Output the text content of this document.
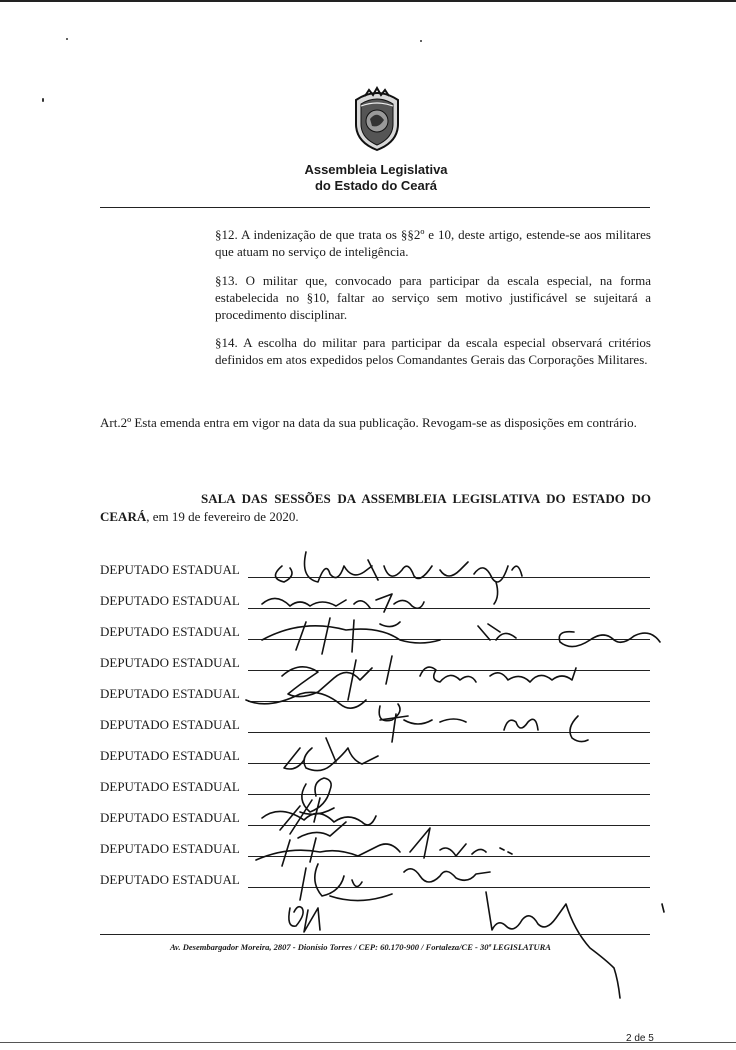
Assembleia Legislativa
do Estado do Ceará
§12. A indenização de que trata os §§2º e 10, deste artigo, estende-se aos militares que atuam no serviço de inteligência.
§13. O militar que, convocado para participar da escala especial, na forma estabelecida no §10, faltar ao serviço sem motivo justificável se sujeitará a procedimento disciplinar.
§14. A escolha do militar para participar da escala especial observará critérios definidos em atos expedidos pelos Comandantes Gerais das Corporações Militares.
Art.2º Esta emenda entra em vigor na data da sua publicação. Revogam-se as disposições em contrário.
SALA DAS SESSÕES DA ASSEMBLEIA LEGISLATIVA DO ESTADO DO CEARÁ, em 19 de fevereiro de 2020.
DEPUTADO ESTADUAL
DEPUTADO ESTADUAL
DEPUTADO ESTADUAL
DEPUTADO ESTADUAL
DEPUTADO ESTADUAL
DEPUTADO ESTADUAL
DEPUTADO ESTADUAL
DEPUTADO ESTADUAL
DEPUTADO ESTADUAL
DEPUTADO ESTADUAL
DEPUTADO ESTADUAL
Av. Desembargador Moreira, 2807 - Dionísio Torres / CEP: 60.170-900 / Fortaleza/CE - 30ª LEGISLATURA
2 de 5
